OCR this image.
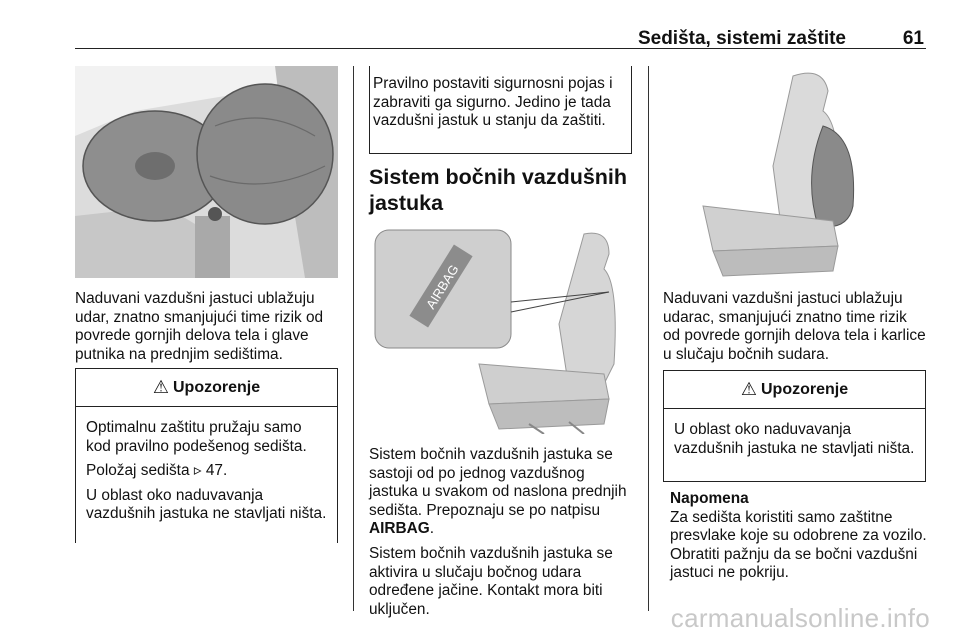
Sedišta, sistemi zaštite	61

Naduvani vazdušni jastuci ublažuju udar, znatno smanjujući time rizik od povrede gornjih delova tela i glave putnika na prednjim sedištima.

⚠ Upozorenje

Optimalnu zaštitu pružaju samo kod pravilno podešenog sedišta.

Položaj sedišta ▹ 47.

U oblast oko naduvavanja vazdušnih jastuka ne stavljati ništa.

Pravilno postaviti sigurnosni pojas i zabraviti ga sigurno. Jedino je tada vazdušni jastuk u stanju da zaštiti.
Sistem bočnih vazdušnih jastuka
AIRBAG

Sistem bočnih vazdušnih jastuka se sastoji od po jednog vazdušnog jastuka u svakom od naslona prednjih sedišta. Prepoznaju se po natpisu AIRBAG.

Sistem bočnih vazdušnih jastuka se aktivira u slučaju bočnog udara određene jačine. Kontakt mora biti uključen.

Naduvani vazdušni jastuci ublažuju udarac, smanjujući znatno time rizik od povrede gornjih delova tela i karlice u slučaju bočnih sudara.

⚠ Upozorenje

U oblast oko naduvavanja vazdušnih jastuka ne stavljati ništa.

Napomena
Za sedišta koristiti samo zaštitne presvlake koje su odobrene za vozilo. Obratiti pažnju da se bočni vazdušni jastuci ne pokriju.
carmanualsonline.info
